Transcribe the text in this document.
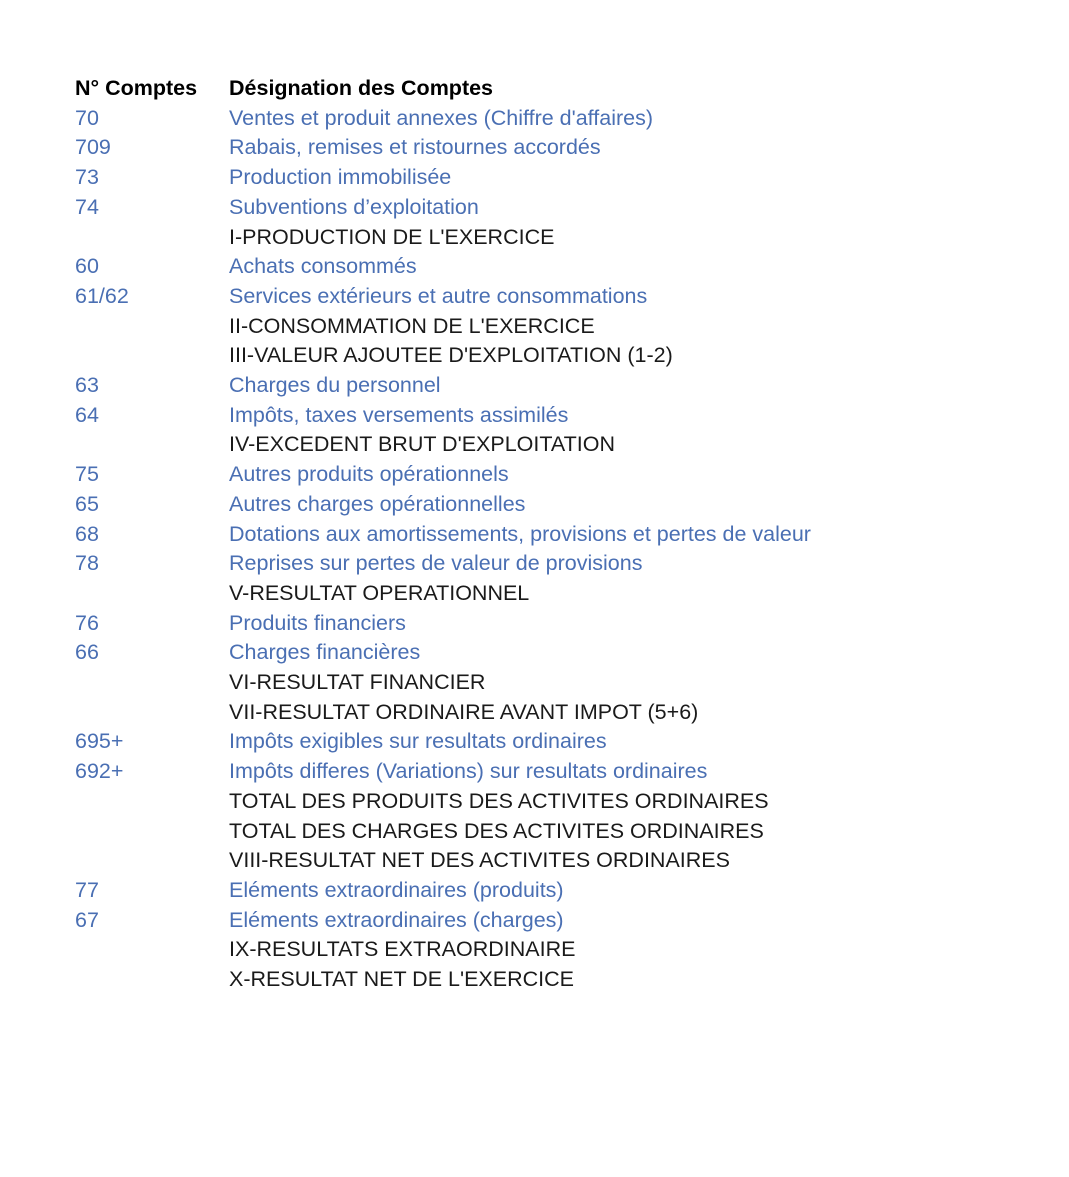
N° Comptes	Désignation des Comptes
70	Ventes et produit annexes (Chiffre d'affaires)
709	Rabais, remises et ristournes accordés
73	Production immobilisée
74	Subventions d’exploitation
	I-PRODUCTION DE L'EXERCICE
60	Achats consommés
61/62	Services extérieurs et autre consommations
	II-CONSOMMATION DE L'EXERCICE
	III-VALEUR AJOUTEE D'EXPLOITATION (1-2)
63	Charges du personnel
64	Impôts, taxes versements assimilés
	IV-EXCEDENT BRUT D'EXPLOITATION
75	Autres produits opérationnels
65	Autres charges opérationnelles
68	Dotations aux amortissements, provisions et pertes de valeur
78	Reprises sur pertes de valeur de provisions
	V-RESULTAT OPERATIONNEL
76	Produits financiers
66	Charges financières
	VI-RESULTAT FINANCIER
	VII-RESULTAT ORDINAIRE AVANT IMPOT (5+6)
695+	Impôts exigibles sur resultats ordinaires
692+	Impôts differes (Variations) sur resultats ordinaires
	TOTAL DES PRODUITS DES ACTIVITES ORDINAIRES
	TOTAL DES CHARGES DES ACTIVITES ORDINAIRES
	VIII-RESULTAT NET DES ACTIVITES ORDINAIRES
77	Eléments extraordinaires (produits)
67	Eléments extraordinaires (charges)
	IX-RESULTATS EXTRAORDINAIRE
	X-RESULTAT NET DE L'EXERCICE
